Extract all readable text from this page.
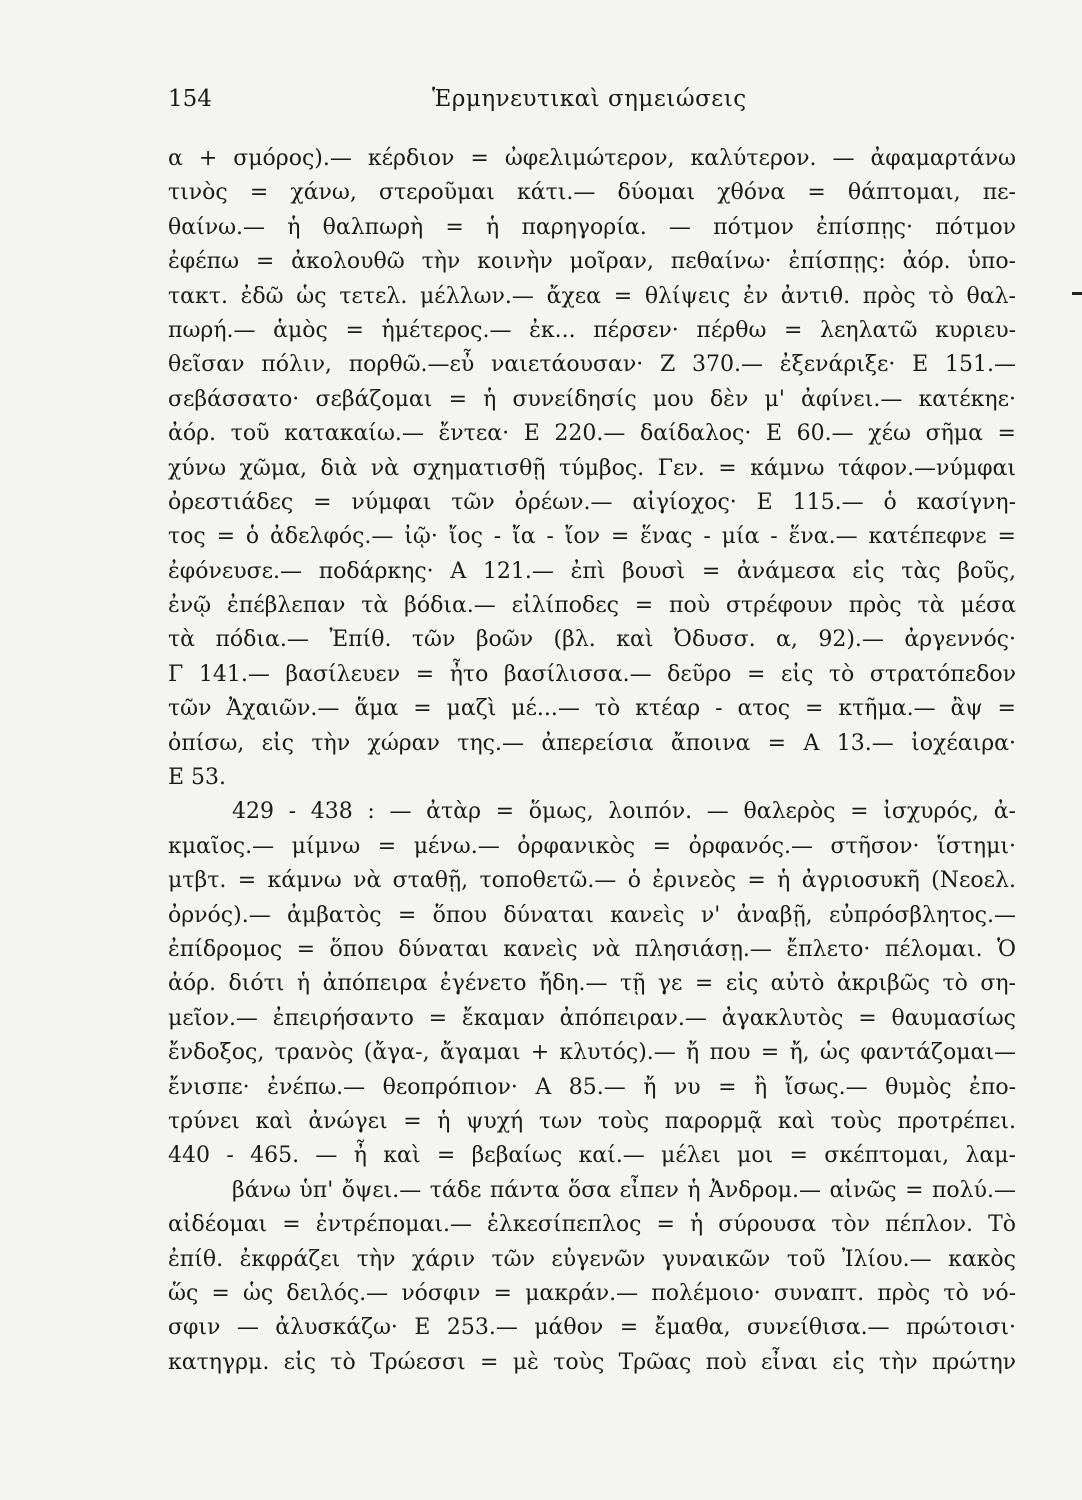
154	Ἑρμηνευτικαὶ σημειώσεις
α + σμόρος).— κέρδιον = ὠφελιμώτερον, καλύτερον. — ἀφαμαρτάνω
τινὸς = χάνω, στεροῦμαι κάτι.— δύομαι χθόνα = θάπτομαι, πε-
θαίνω.— ἡ θαλπωρὴ = ἡ παρηγορία. — πότμον ἐπίσπῃς· πότμον
ἐφέπω = ἀκολουθῶ τὴν κοινὴν μοῖραν, πεθαίνω· ἐπίσπῃς: ἀόρ. ὑπο-
τακτ. ἐδῶ ὡς τετελ. μέλλων.— ἄχεα = θλίψεις ἐν ἀντιθ. πρὸς τὸ θαλ-
πωρή.— ἁμὸς = ἡμέτερος.— ἐκ... πέρσεν· πέρθω = λεηλατῶ κυριευ-
θεῖσαν πόλιν, πορθῶ.—εὖ ναιετάουσαν· Ζ 370.— ἐξενάριξε· Ε 151.—
σεβάσσατο· σεβάζομαι = ἡ συνείδησίς μου δὲν μ' ἀφίνει.— κατέκηε·
ἀόρ. τοῦ κατακαίω.— ἔντεα· Ε 220.— δαίδαλος· Ε 60.— χέω σῆμα =
χύνω χῶμα, διὰ νὰ σχηματισθῇ τύμβος. Γεν. = κάμνω τάφον.—νύμφαι
ὀρεστιάδες = νύμφαι τῶν ὀρέων.— αἰγίοχος· Ε 115.— ὁ κασίγνη-
τος = ὁ ἀδελφός.— ἰῷ· ἴος - ἴα - ἴον = ἕνας - μία - ἕνα.— κατέπεφνε =
ἐφόνευσε.— ποδάρκης· Α 121.— ἐπὶ βουσὶ = ἀνάμεσα εἰς τὰς βοῦς,
ἐνῷ ἐπέβλεπαν τὰ βόδια.— εἰλίποδες = ποὺ στρέφουν πρὸς τὰ μέσα
τὰ πόδια.— Ἐπίθ. τῶν βοῶν (βλ. καὶ Ὀδυσσ. α, 92).— ἀργεννός·
Γ 141.— βασίλευεν = ἦτο βασίλισσα.— δεῦρο = εἰς τὸ στρατόπεδον
τῶν Ἀχαιῶν.— ἅμα = μαζὶ μέ...— τὸ κτέαρ - ατος = κτῆμα.— ἂψ =
ὀπίσω, εἰς τὴν χώραν της.— ἀπερείσια ἄποινα = Α 13.— ἰοχέαιρα·
Ε 53.
429 - 438 : — ἀτὰρ = ὅμως, λοιπόν. — θαλερὸς = ἰσχυρός, ἀ-
κμαῖος.— μίμνω = μένω.— ὀρφανικὸς = ὀρφανός.— στῆσον· ἵστημι·
μτβτ. = κάμνω νὰ σταθῇ, τοποθετῶ.— ὁ ἐρινεὸς = ἡ ἀγριοσυκῆ (Νεοελ.
ὀρνός).— ἀμβατὸς = ὅπου δύναται κανεὶς ν' ἀναβῇ, εὐπρόσβλητος.—
ἐπίδρομος = ὅπου δύναται κανεὶς νὰ πλησιάσῃ.— ἔπλετο· πέλομαι. Ὁ
ἀόρ. διότι ἡ ἀπόπειρα ἐγένετο ἤδη.— τῇ γε = εἰς αὐτὸ ἀκριβῶς τὸ ση-
μεῖον.— ἐπειρήσαντο = ἔκαμαν ἀπόπειραν.— ἀγακλυτὸς = θαυμασίως
ἔνδοξος, τρανὸς (ἄγα-, ἄγαμαι + κλυτός).— ἤ που = ἤ, ὡς φαντάζομαι—
ἔνισπε· ἐνέπω.— θεοπρόπιον· Α 85.— ἤ νυ = ἢ ἴσως.— θυμὸς ἐπο-
τρύνει καὶ ἀνώγει = ἡ ψυχή των τοὺς παρορμᾷ καὶ τοὺς προτρέπει.
440 - 465. — ἦ καὶ = βεβαίως καί.— μέλει μοι = σκέπτομαι, λαμ-
βάνω ὑπ' ὄψει.— τάδε πάντα ὅσα εἶπεν ἡ Ἀνδρομ.— αἰνῶς = πολύ.—
αἰδέομαι = ἐντρέπομαι.— ἑλκεσίπεπλος = ἡ σύρουσα τὸν πέπλον. Τὸ
ἐπίθ. ἐκφράζει τὴν χάριν τῶν εὐγενῶν γυναικῶν τοῦ Ἰλίου.— κακὸς
ὥς = ὡς δειλός.— νόσφιν = μακράν.— πολέμοιο· συναπτ. πρὸς τὸ νό-
σφιν — ἀλυσκάζω· Ε 253.— μάθον = ἔμαθα, συνείθισα.— πρώτοισι·
κατηγρμ. εἰς τὸ Τρώεσσι = μὲ τοὺς Τρῶας ποὺ εἶναι εἰς τὴν πρώτην
